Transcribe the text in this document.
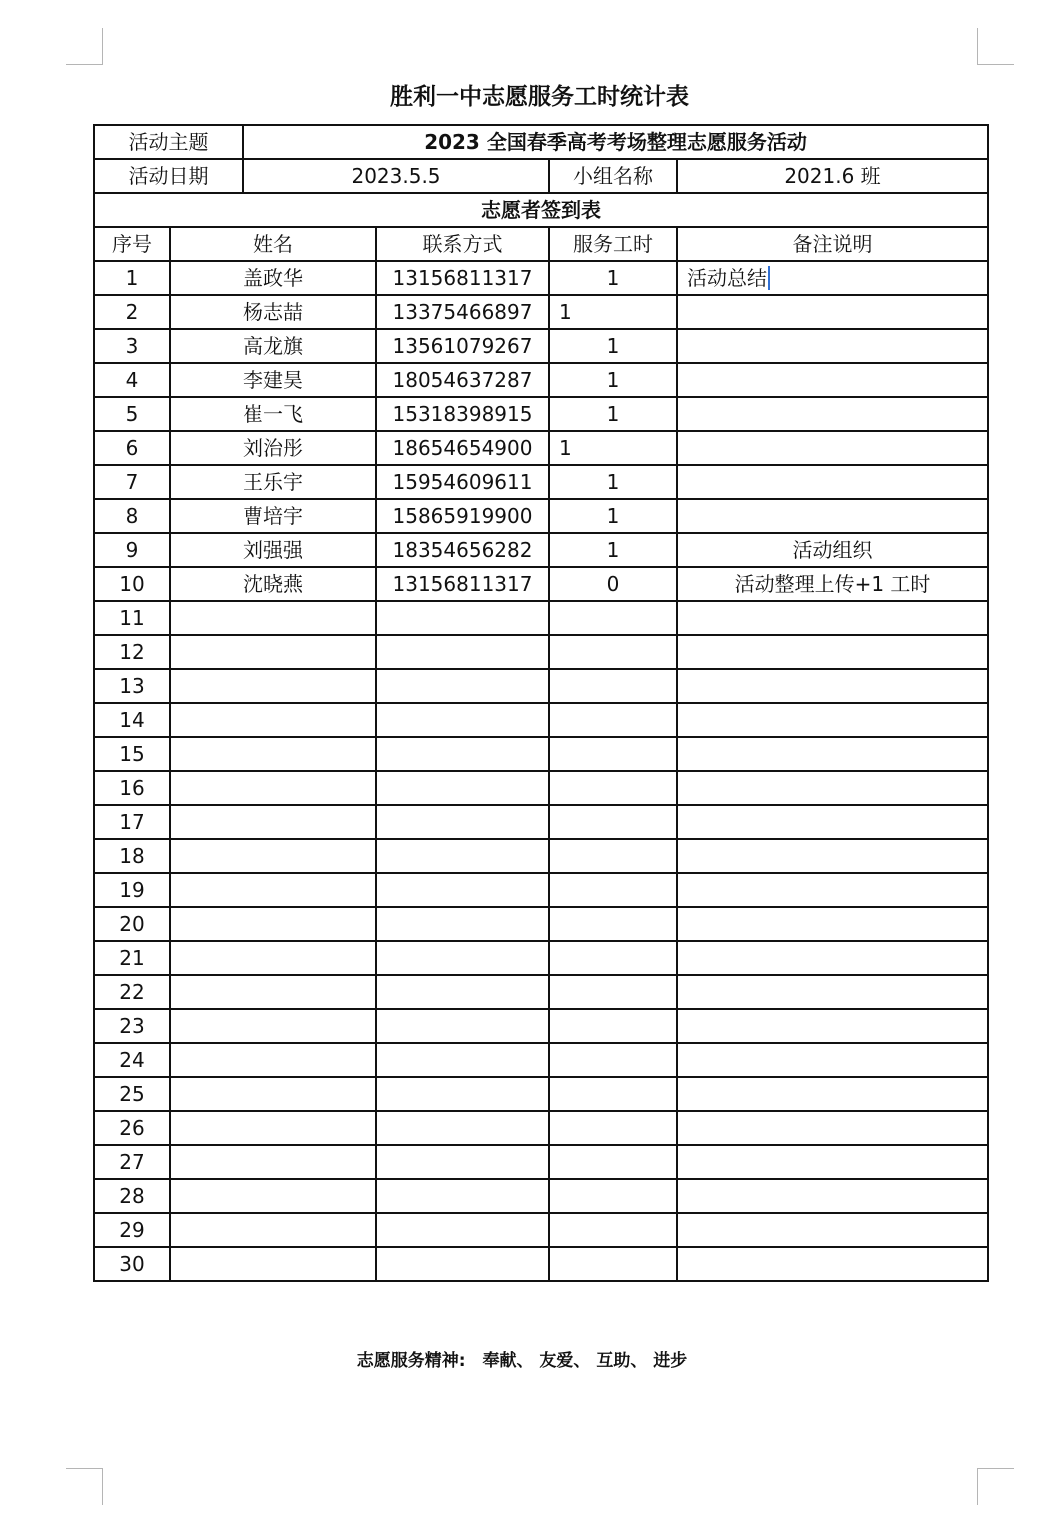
胜利一中志愿服务工时统计表
活动主题		2023 全国春季高考考场整理志愿服务活动			
活动日期		2023.5.5		小组名称	2021.6 班
志愿者签到表					
序号	姓名		联系方式	服务工时	备注说明
1	盖政华		13156811317	1	活动总结
2	杨志喆		13375466897	1	
3	高龙旗		13561079267	1	
4	李建昊		18054637287	1	
5	崔一飞		15318398915	1	
6	刘治彤		18654654900	1	
7	王乐宇		15954609611	1	
8	曹培宇		15865919900	1	
9	刘强强		18354656282	1	活动组织
10	沈晓燕		13156811317	0	活动整理上传+1 工时
11					
12					
13					
14					
15					
16					
17					
18					
19					
20					
21					
22					
23					
24					
25					
26					
27					
28					
29					
30					
志愿服务精神:　奉献、 友爱、 互助、 进步
